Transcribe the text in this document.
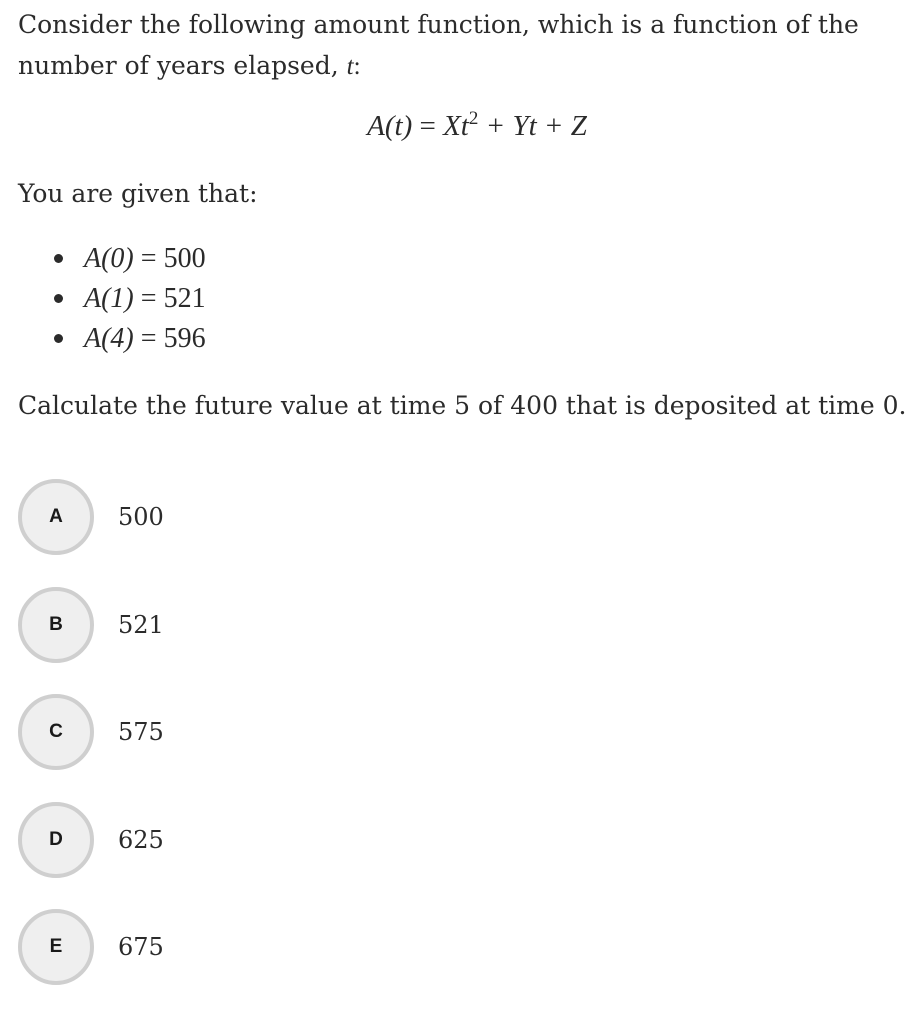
Consider the following amount function, which is a function of the number of years elapsed, t:

$A(t) = Xt^2 + Yt + Z$

You are given that:

A(0) = 500
A(1) = 521
A(4) = 596

Calculate the future value at time 5 of 400 that is deposited at time 0.

A	500
B	521
C	575
D	625
E	675
